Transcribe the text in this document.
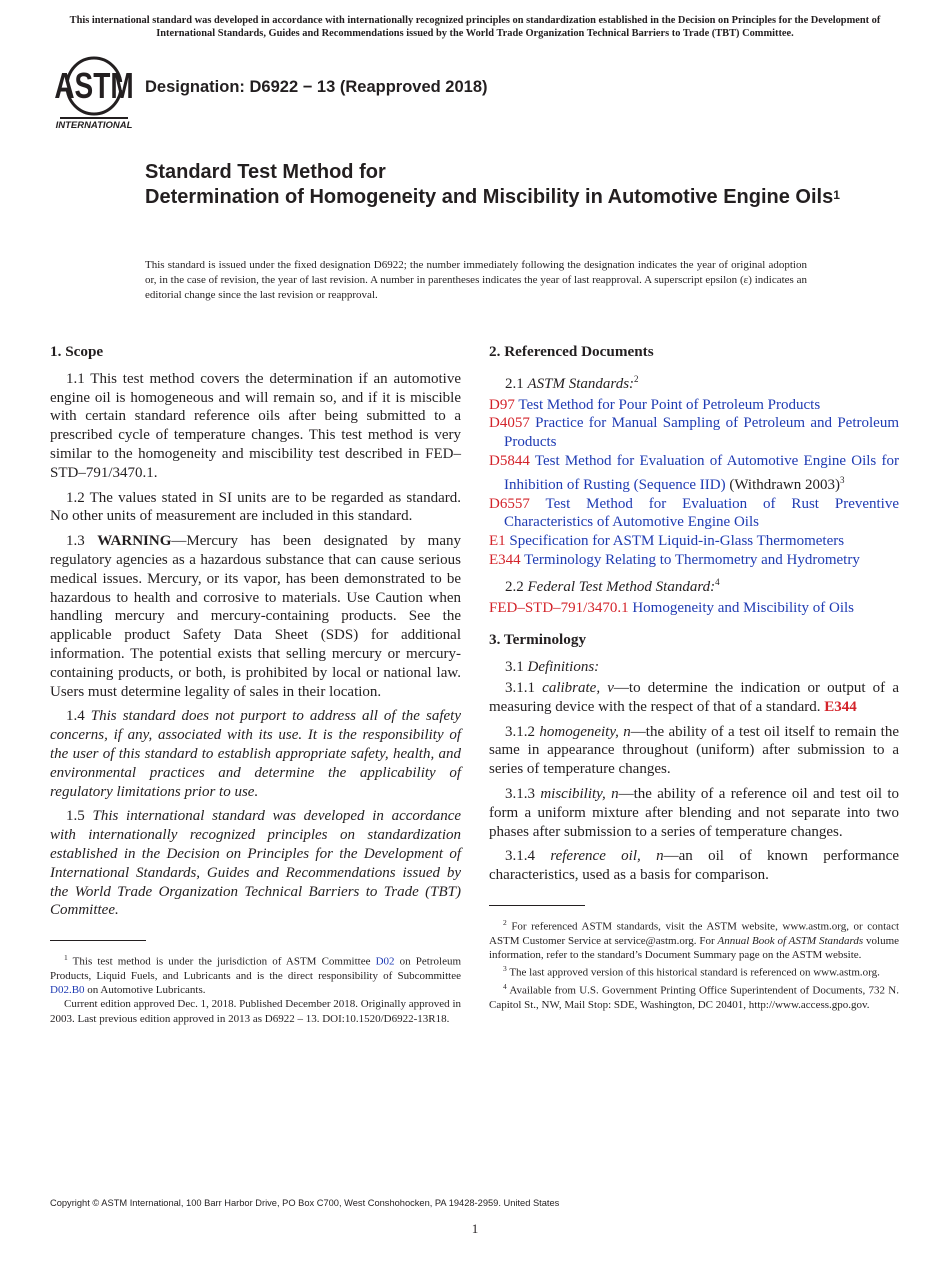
This international standard was developed in accordance with internationally recognized principles on standardization established in the Decision on Principles for the Development of International Standards, Guides and Recommendations issued by the World Trade Organization Technical Barriers to Trade (TBT) Committee.
ASTM
INTERNATIONAL
Designation: D6922 − 13 (Reapproved 2018)
Standard Test Method for
Determination of Homogeneity and Miscibility in Automotive Engine Oils$^1$
This standard is issued under the fixed designation D6922; the number immediately following the designation indicates the year of original adoption or, in the case of revision, the year of last revision. A number in parentheses indicates the year of last reapproval. A superscript epsilon (ε) indicates an editorial change since the last revision or reapproval.
1. Scope

1.1 This test method covers the determination if an automotive engine oil is homogeneous and will remain so, and if it is miscible with certain standard reference oils after being submitted to a prescribed cycle of temperature changes. This test method is very similar to the homogeneity and miscibility test described in FED–STD–791/3470.1.

1.2 The values stated in SI units are to be regarded as standard. No other units of measurement are included in this standard.

1.3 WARNING—Mercury has been designated by many regulatory agencies as a hazardous substance that can cause serious medical issues. Mercury, or its vapor, has been demonstrated to be hazardous to health and corrosive to materials. Use Caution when handling mercury and mercury-containing products. See the applicable product Safety Data Sheet (SDS) for additional information. The potential exists that selling mercury or mercury-containing products, or both, is prohibited by local or national law. Users must determine legality of sales in their location.

1.4 This standard does not purport to address all of the safety concerns, if any, associated with its use. It is the responsibility of the user of this standard to establish appropriate safety, health, and environmental practices and determine the applicability of regulatory limitations prior to use.

1.5 This international standard was developed in accordance with internationally recognized principles on standardization established in the Decision on Principles for the Development of International Standards, Guides and Recommendations issued by the World Trade Organization Technical Barriers to Trade (TBT) Committee.

$^1$ This test method is under the jurisdiction of ASTM Committee D02 on Petroleum Products, Liquid Fuels, and Lubricants and is the direct responsibility of Subcommittee D02.B0 on Automotive Lubricants.

Current edition approved Dec. 1, 2018. Published December 2018. Originally approved in 2003. Last previous edition approved in 2013 as D6922 – 13. DOI:10.1520/D6922-13R18.

2. Referenced Documents
2.1 ASTM Standards:$^2$
D97 Test Method for Pour Point of Petroleum Products
D4057 Practice for Manual Sampling of Petroleum and Petroleum Products
D5844 Test Method for Evaluation of Automotive Engine Oils for Inhibition of Rusting (Sequence IID) (Withdrawn 2003)$^3$
D6557 Test Method for Evaluation of Rust Preventive Characteristics of Automotive Engine Oils
E1 Specification for ASTM Liquid-in-Glass Thermometers
E344 Terminology Relating to Thermometry and Hydrometry
2.2 Federal Test Method Standard:$^4$
FED–STD–791/3470.1 Homogeneity and Miscibility of Oils
3. Terminology
3.1 Definitions:

3.1.1 calibrate, v—to determine the indication or output of a measuring device with the respect of that of a standard. E344

3.1.2 homogeneity, n—the ability of a test oil itself to remain the same in appearance throughout (uniform) after submission to a series of temperature changes.

3.1.3 miscibility, n—the ability of a reference oil and test oil to form a uniform mixture after blending and not separate into two phases after submission to a series of temperature changes.

3.1.4 reference oil, n—an oil of known performance characteristics, used as a basis for comparison.

$^2$ For referenced ASTM standards, visit the ASTM website, www.astm.org, or contact ASTM Customer Service at service@astm.org. For Annual Book of ASTM Standards volume information, refer to the standard’s Document Summary page on the ASTM website.

$^3$ The last approved version of this historical standard is referenced on www.astm.org.

$^4$ Available from U.S. Government Printing Office Superintendent of Documents, 732 N. Capitol St., NW, Mail Stop: SDE, Washington, DC 20401, http://www.access.gpo.gov.

Copyright © ASTM International, 100 Barr Harbor Drive, PO Box C700, West Conshohocken, PA 19428-2959. United States
1
